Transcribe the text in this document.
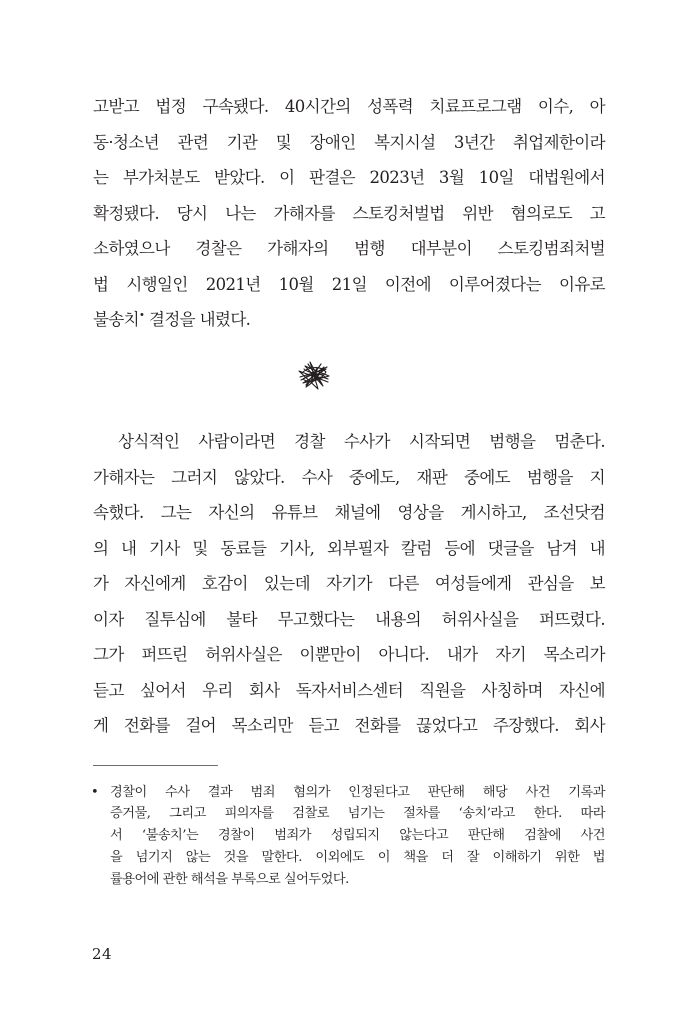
고받고 법정 구속됐다. 40시간의 성폭력 치료프로그램 이수, 아
동·청소년 관련 기관 및 장애인 복지시설 3년간 취업제한이라
는 부가처분도 받았다. 이 판결은 2023년 3월 10일 대법원에서
확정됐다. 당시 나는 가해자를 스토킹처벌법 위반 혐의로도 고
소하였으나 경찰은 가해자의 범행 대부분이 스토킹범죄처벌
법 시행일인 2021년 10월 21일 이전에 이루어졌다는 이유로
불송치• 결정을 내렸다.
상식적인 사람이라면 경찰 수사가 시작되면 범행을 멈춘다.
가해자는 그러지 않았다. 수사 중에도, 재판 중에도 범행을 지
속했다. 그는 자신의 유튜브 채널에 영상을 게시하고, 조선닷컴
의 내 기사 및 동료들 기사, 외부필자 칼럼 등에 댓글을 남겨 내
가 자신에게 호감이 있는데 자기가 다른 여성들에게 관심을 보
이자 질투심에 불타 무고했다는 내용의 허위사실을 퍼뜨렸다.
그가 퍼뜨린 허위사실은 이뿐만이 아니다. 내가 자기 목소리가
듣고 싶어서 우리 회사 독자서비스센터 직원을 사칭하며 자신에
게 전화를 걸어 목소리만 듣고 전화를 끊었다고 주장했다. 회사
• 경찰이 수사 결과 범죄 혐의가 인정된다고 판단해 해당 사건 기록과
증거물, 그리고 피의자를 검찰로 넘기는 절차를 ‘송치’라고 한다. 따라
서 ‘불송치’는 경찰이 범죄가 성립되지 않는다고 판단해 검찰에 사건
을 넘기지 않는 것을 말한다. 이외에도 이 책을 더 잘 이해하기 위한 법
률용어에 관한 해석을 부록으로 실어두었다.
24
